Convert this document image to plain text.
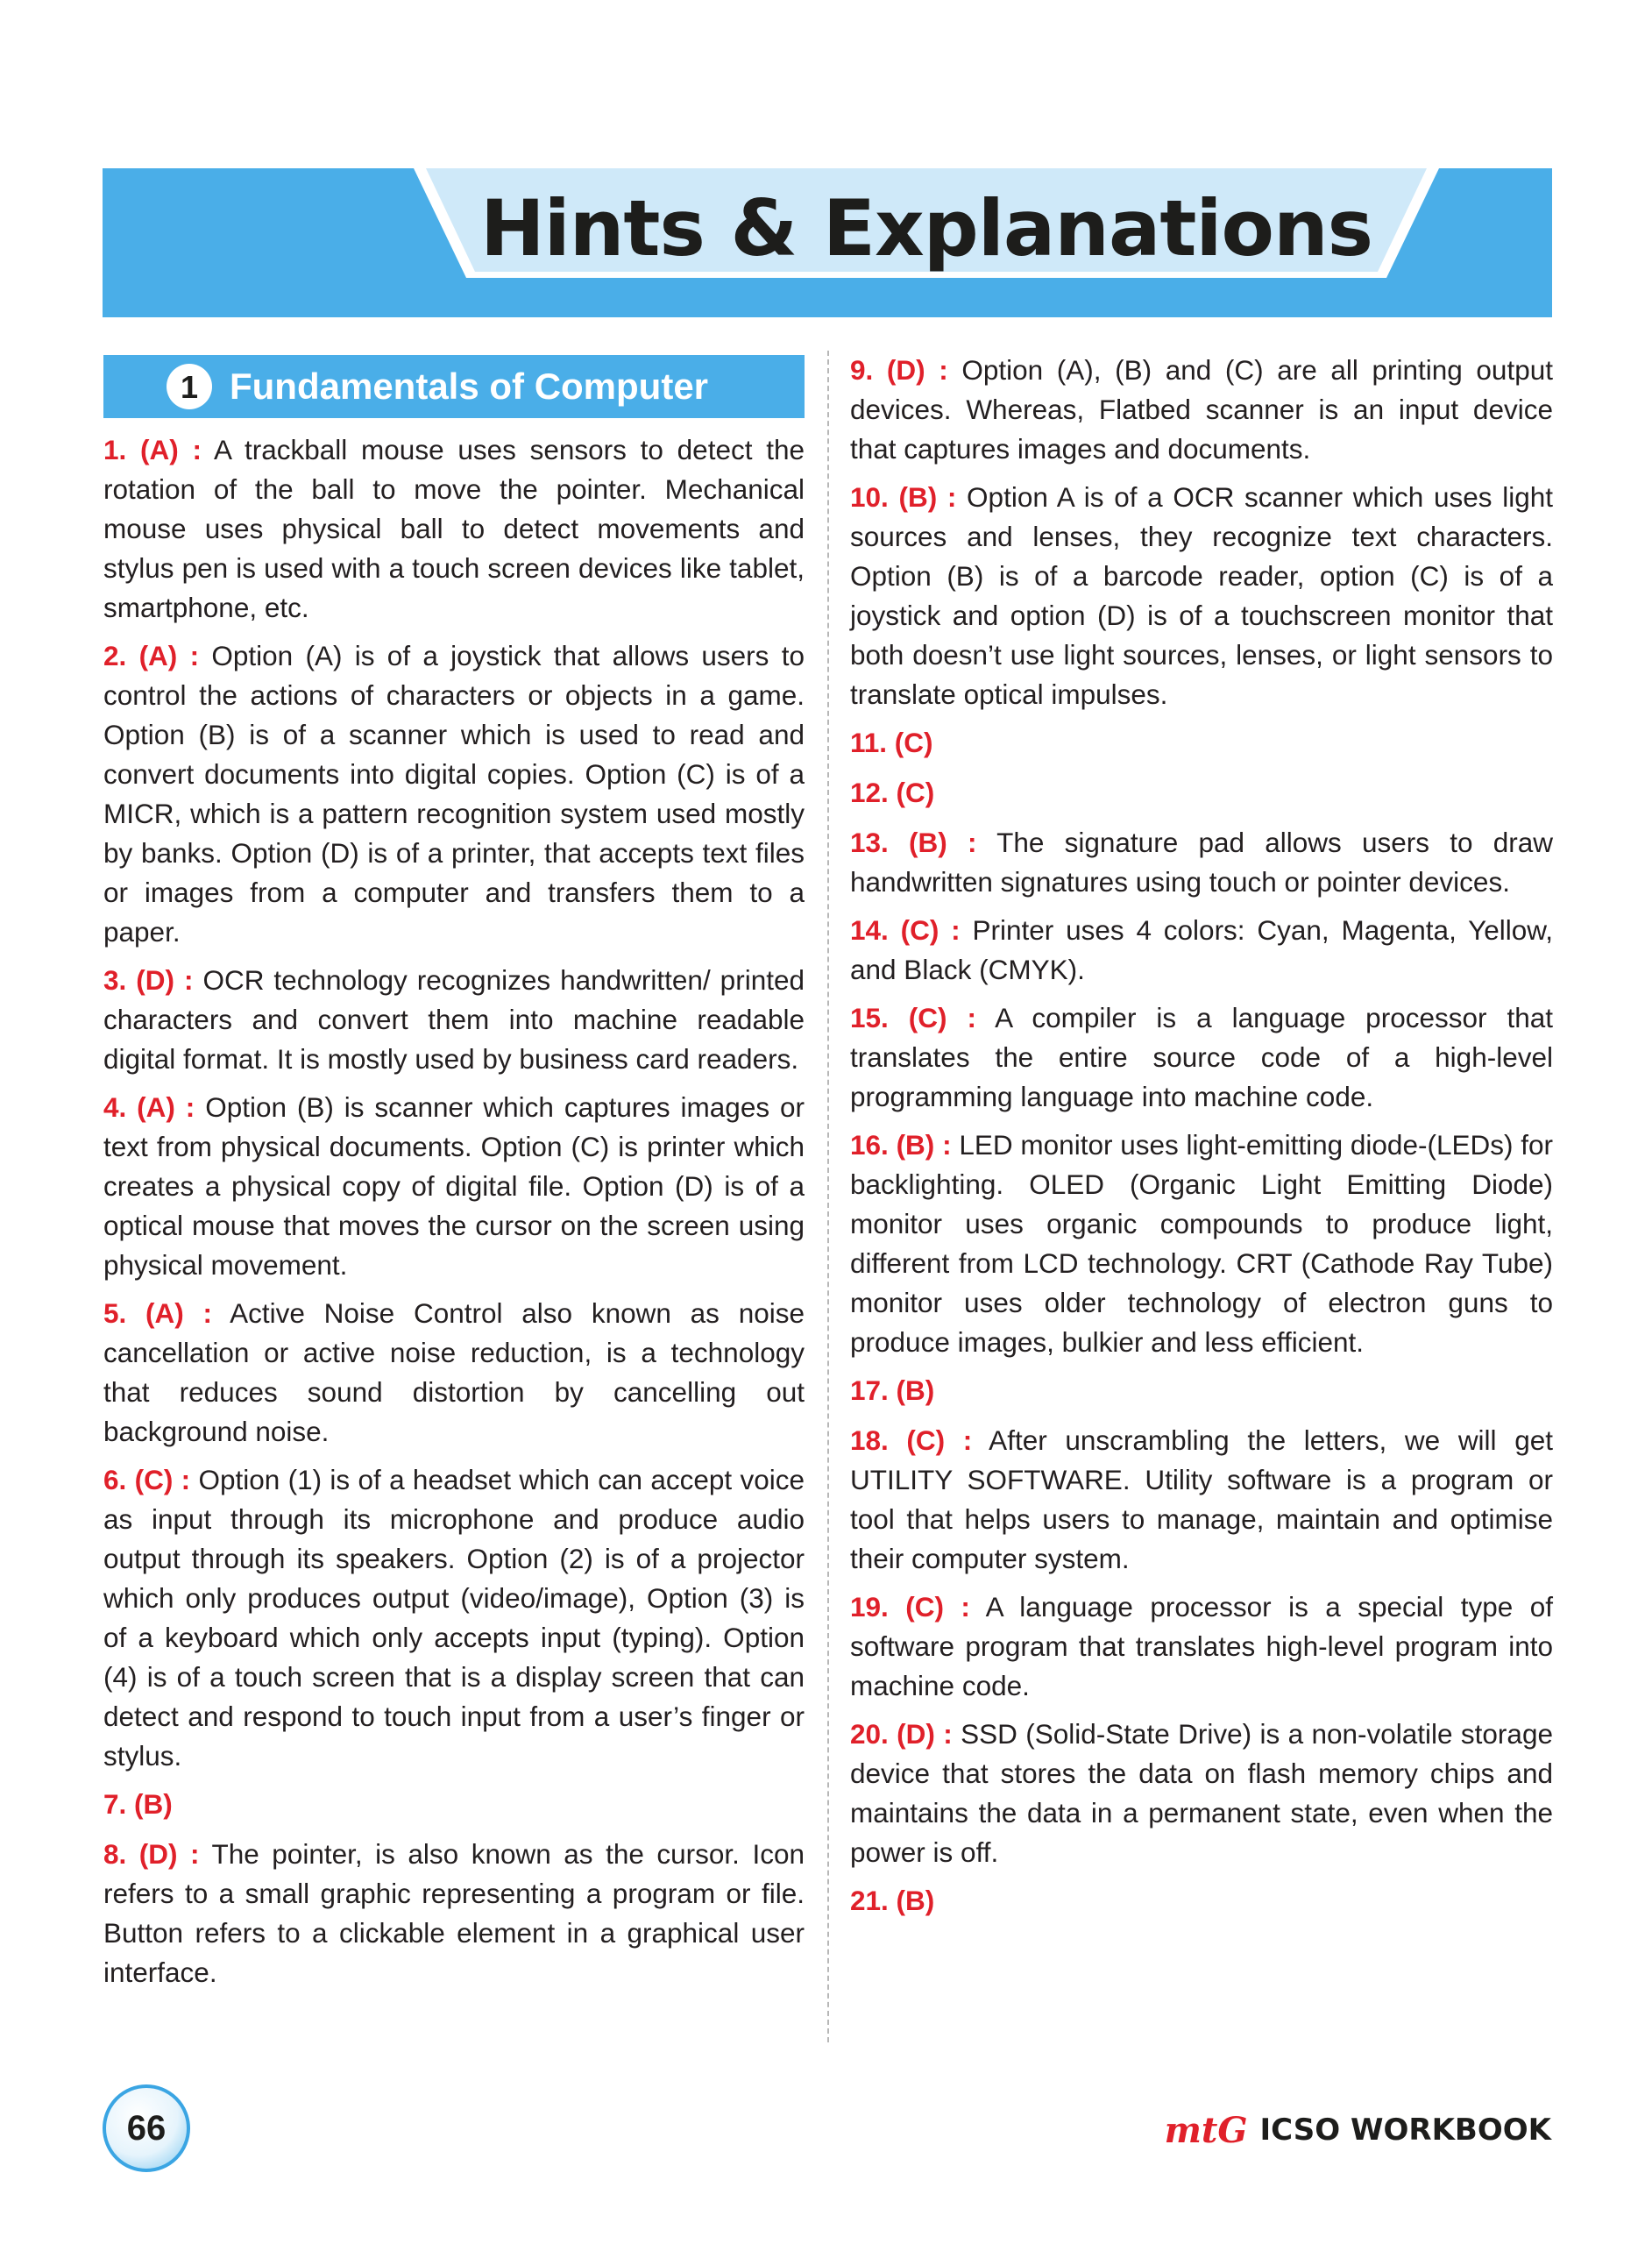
Hints & Explanations
1 Fundamentals of Computer

1. (A) : A trackball mouse uses sensors to detect the rotation of the ball to move the pointer. Mechanical mouse uses physical ball to detect movements and stylus pen is used with a touch screen devices like tablet, smartphone, etc.

2. (A) : Option (A) is of a joystick that allows users to control the actions of characters or objects in a game. Option (B) is of a scanner which is used to read and convert documents into digital copies. Option (C) is of a MICR, which is a pattern recognition system used mostly by banks. Option (D) is of a printer, that accepts text files or images from a computer and transfers them to a paper.

3. (D) : OCR technology recognizes handwritten/ printed characters and convert them into machine readable digital format. It is mostly used by business card readers.

4. (A) : Option (B) is scanner which captures images or text from physical documents. Option (C) is printer which creates a physical copy of digital file. Option (D) is of a optical mouse that moves the cursor on the screen using physical movement.

5. (A) : Active Noise Control also known as noise cancellation or active noise reduction, is a technology that reduces sound distortion by cancelling out background noise.

6. (C) : Option (1) is of a headset which can accept voice as input through its microphone and produce audio output through its speakers. Option (2) is of a projector which only produces output (video/image), Option (3) is of a keyboard which only accepts input (typing). Option (4) is of a touch screen that is a display screen that can detect and respond to touch input from a user’s finger or stylus.

7. (B)

8. (D) : The pointer, is also known as the cursor. Icon refers to a small graphic representing a program or file. Button refers to a clickable element in a graphical user interface.

9. (D) : Option (A), (B) and (C) are all printing output devices. Whereas, Flatbed scanner is an input device that captures images and documents.

10. (B) : Option A is of a OCR scanner which uses light sources and lenses, they recognize text characters. Option (B) is of a barcode reader, option (C) is of a joystick and option (D) is of a touchscreen monitor that both doesn’t use light sources, lenses, or light sensors to translate optical impulses.

11. (C)

12. (C)

13. (B) : The signature pad allows users to draw handwritten signatures using touch or pointer devices.

14. (C) : Printer uses 4 colors: Cyan, Magenta, Yellow, and Black (CMYK).

15. (C) : A compiler is a language processor that translates the entire source code of a high-level programming language into machine code.

16. (B) : LED monitor uses light-emitting diode-(LEDs) for backlighting. OLED (Organic Light Emitting Diode) monitor uses organic compounds to produce light, different from LCD technology. CRT (Cathode Ray Tube) monitor uses older technology of electron guns to produce images, bulkier and less efficient.

17. (B)

18. (C) : After unscrambling the letters, we will get UTILITY SOFTWARE. Utility software is a program or tool that helps users to manage, maintain and optimise their computer system.

19. (C) : A language processor is a special type of software program that translates high-level program into machine code.

20. (D) : SSD (Solid-State Drive) is a non-volatile storage device that stores the data on flash memory chips and maintains the data in a permanent state, even when the power is off.

21. (B)

66	mtG ICSO WORKBOOK
